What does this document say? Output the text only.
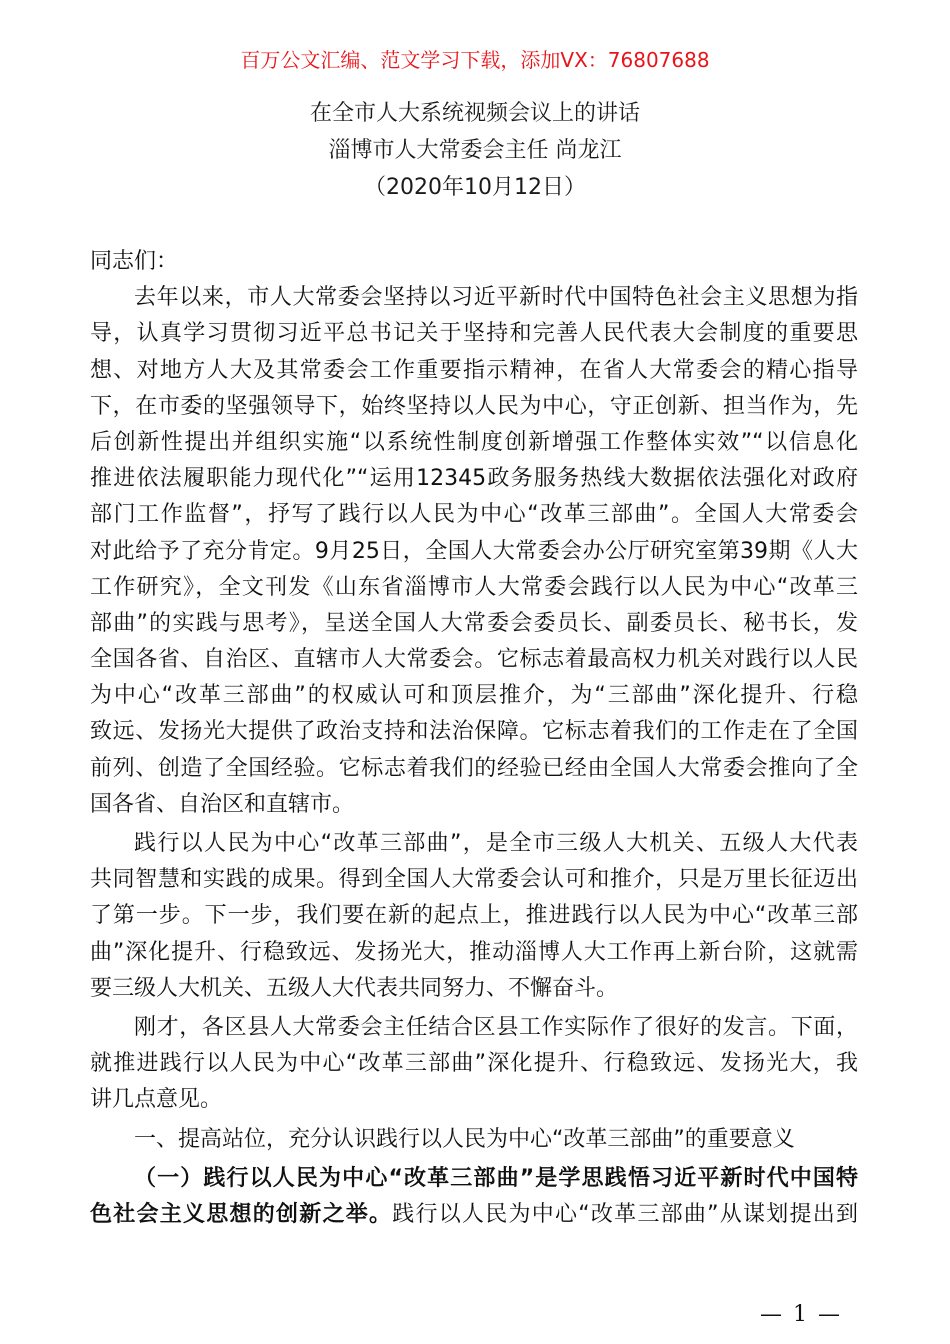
百万公文汇编、范文学习下载，添加VX：76807688
在全市人大系统视频会议上的讲话
淄博市人大常委会主任 尚龙江
（2020年10月12日）
同志们：
去年以来，市人大常委会坚持以习近平新时代中国特色社会主义思想为指
导，认真学习贯彻习近平总书记关于坚持和完善人民代表大会制度的重要思
想、对地方人大及其常委会工作重要指示精神，在省人大常委会的精心指导
下，在市委的坚强领导下，始终坚持以人民为中心，守正创新、担当作为，先
后创新性提出并组织实施“以系统性制度创新增强工作整体实效”“以信息化
推进依法履职能力现代化”“运用12345政务服务热线大数据依法强化对政府
部门工作监督”，抒写了践行以人民为中心“改革三部曲”。全国人大常委会
对此给予了充分肯定。9月25日，全国人大常委会办公厅研究室第39期《人大
工作研究》，全文刊发《山东省淄博市人大常委会践行以人民为中心“改革三
部曲”的实践与思考》，呈送全国人大常委会委员长、副委员长、秘书长，发
全国各省、自治区、直辖市人大常委会。它标志着最高权力机关对践行以人民
为中心“改革三部曲”的权威认可和顶层推介，为“三部曲”深化提升、行稳
致远、发扬光大提供了政治支持和法治保障。它标志着我们的工作走在了全国
前列、创造了全国经验。它标志着我们的经验已经由全国人大常委会推向了全
国各省、自治区和直辖市。
践行以人民为中心“改革三部曲”，是全市三级人大机关、五级人大代表
共同智慧和实践的成果。得到全国人大常委会认可和推介，只是万里长征迈出
了第一步。下一步，我们要在新的起点上，推进践行以人民为中心“改革三部
曲”深化提升、行稳致远、发扬光大，推动淄博人大工作再上新台阶，这就需
要三级人大机关、五级人大代表共同努力、不懈奋斗。
刚才，各区县人大常委会主任结合区县工作实际作了很好的发言。下面，
就推进践行以人民为中心“改革三部曲”深化提升、行稳致远、发扬光大，我
讲几点意见。
一、提高站位，充分认识践行以人民为中心“改革三部曲”的重要意义
（一）践行以人民为中心“改革三部曲”是学思践悟习近平新时代中国特
色社会主义思想的创新之举。践行以人民为中心“改革三部曲”从谋划提出到
— 1 —
